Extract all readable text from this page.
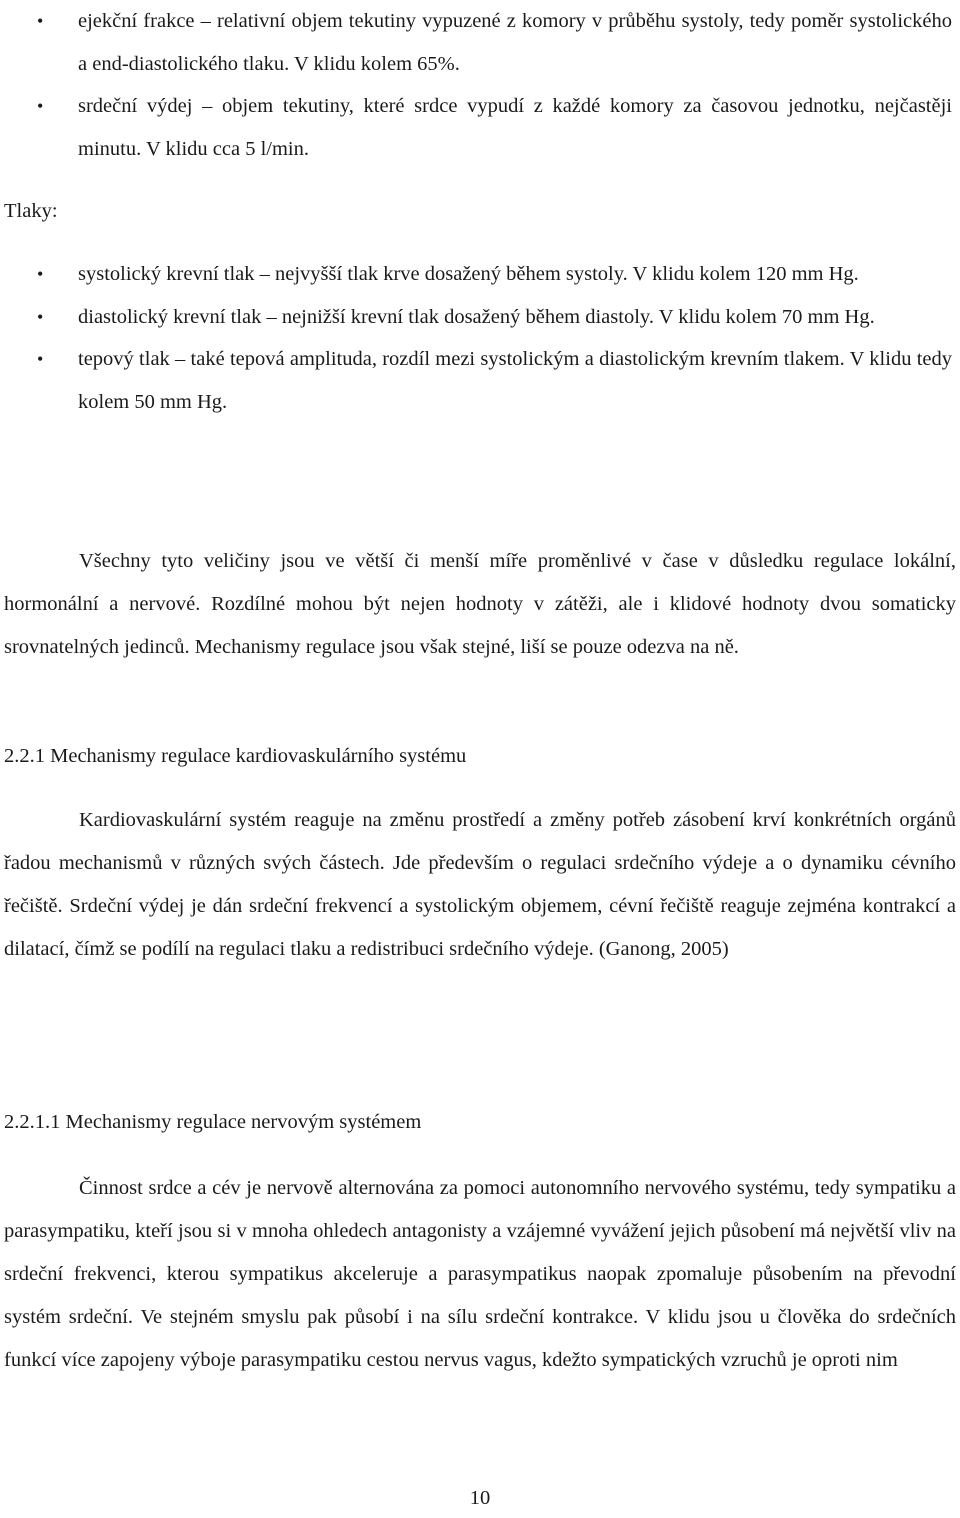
• ejekční frakce – relativní objem tekutiny vypuzené z komory v průběhu systoly, tedy poměr systolického a end-diastolického tlaku. V klidu kolem 65%.
• srdeční výdej – objem tekutiny, které srdce vypudí z každé komory za časovou jednotku, nejčastěji minutu. V klidu cca 5 l/min.
Tlaky:
• systolický krevní tlak – nejvyšší tlak krve dosažený během systoly. V klidu kolem 120 mm Hg.
• diastolický krevní tlak – nejnižší krevní tlak dosažený během diastoly. V klidu kolem 70 mm Hg.
• tepový tlak – také tepová amplituda, rozdíl mezi systolickým a diastolickým krevním tlakem. V klidu tedy kolem 50 mm Hg.

Všechny tyto veličiny jsou ve větší či menší míře proměnlivé v čase v důsledku regulace lokální, hormonální a nervové. Rozdílné mohou být nejen hodnoty v zátěži, ale i klidové hodnoty dvou somaticky srovnatelných jedinců. Mechanismy regulace jsou však stejné, liší se pouze odezva na ně.

2.2.1 Mechanismy regulace kardiovaskulárního systému

Kardiovaskulární systém reaguje na změnu prostředí a změny potřeb zásobení krví konkrétních orgánů řadou mechanismů v různých svých částech. Jde především o regulaci srdečního výdeje a o dynamiku cévního řečiště. Srdeční výdej je dán srdeční frekvencí a systolickým objemem, cévní řečiště reaguje zejména kontrakcí a dilatací, čímž se podílí na regulaci tlaku a redistribuci srdečního výdeje. (Ganong, 2005)

2.2.1.1 Mechanismy regulace nervovým systémem

Činnost srdce a cév je nervově alternována za pomoci autonomního nervového systému, tedy sympatiku a parasympatiku, kteří jsou si v mnoha ohledech antagonisty a vzájemné vyvážení jejich působení má největší vliv na srdeční frekvenci, kterou sympatikus akceleruje a parasympatikus naopak zpomaluje působením na převodní systém srdeční. Ve stejném smyslu pak působí i na sílu srdeční kontrakce. V klidu jsou u člověka do srdečních funkcí více zapojeny výboje parasympatiku cestou nervus vagus, kdežto sympatických vzruchů je oproti nim

10
